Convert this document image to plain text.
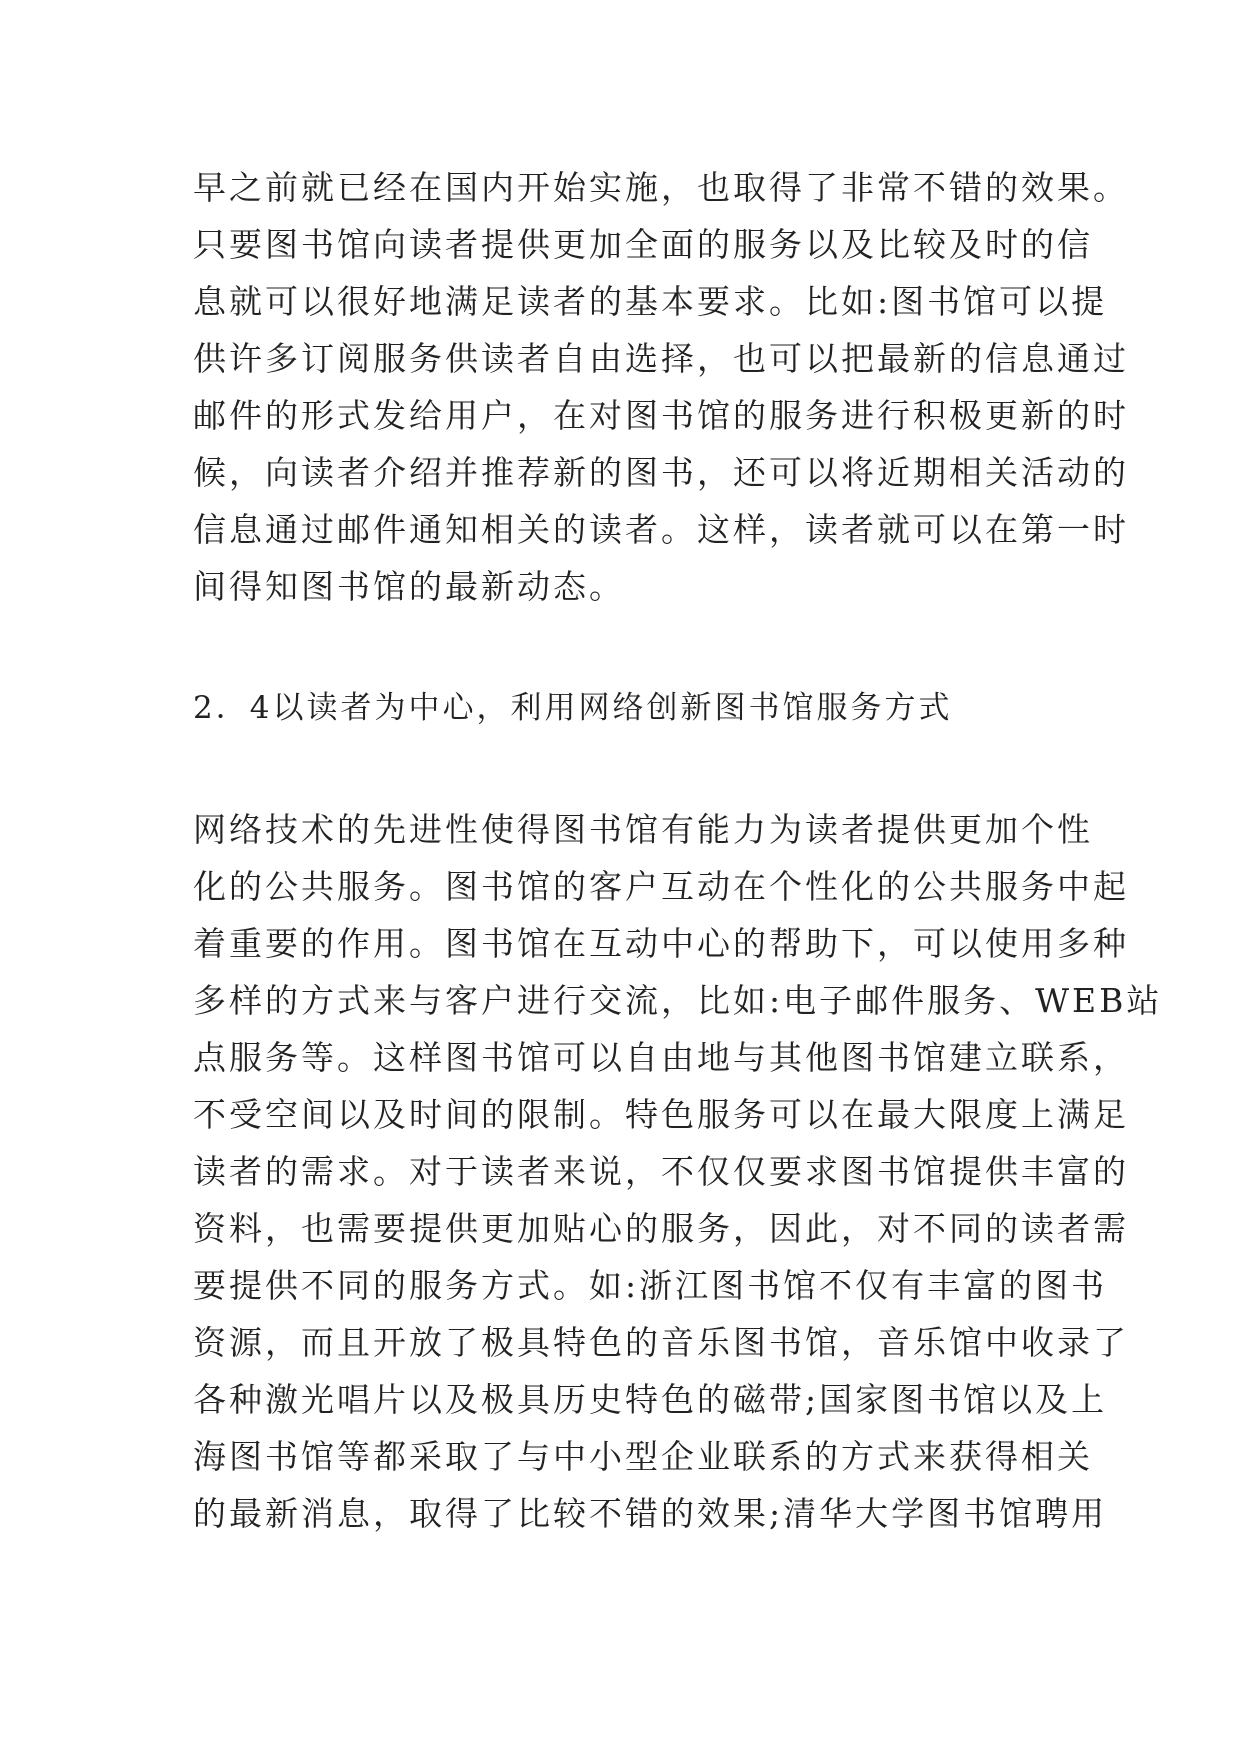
早之前就已经在国内开始实施，也取得了非常不错的效果。
只要图书馆向读者提供更加全面的服务以及比较及时的信
息就可以很好地满足读者的基本要求。比如:图书馆可以提
供许多订阅服务供读者自由选择，也可以把最新的信息通过
邮件的形式发给用户，在对图书馆的服务进行积极更新的时
候，向读者介绍并推荐新的图书，还可以将近期相关活动的
信息通过邮件通知相关的读者。这样，读者就可以在第一时
间得知图书馆的最新动态。
2．4以读者为中心，利用网络创新图书馆服务方式
网络技术的先进性使得图书馆有能力为读者提供更加个性
化的公共服务。图书馆的客户互动在个性化的公共服务中起
着重要的作用。图书馆在互动中心的帮助下，可以使用多种
多样的方式来与客户进行交流，比如:电子邮件服务、WEB站
点服务等。这样图书馆可以自由地与其他图书馆建立联系，
不受空间以及时间的限制。特色服务可以在最大限度上满足
读者的需求。对于读者来说，不仅仅要求图书馆提供丰富的
资料，也需要提供更加贴心的服务，因此，对不同的读者需
要提供不同的服务方式。如:浙江图书馆不仅有丰富的图书
资源，而且开放了极具特色的音乐图书馆，音乐馆中收录了
各种激光唱片以及极具历史特色的磁带;国家图书馆以及上
海图书馆等都采取了与中小型企业联系的方式来获得相关
的最新消息，取得了比较不错的效果;清华大学图书馆聘用
